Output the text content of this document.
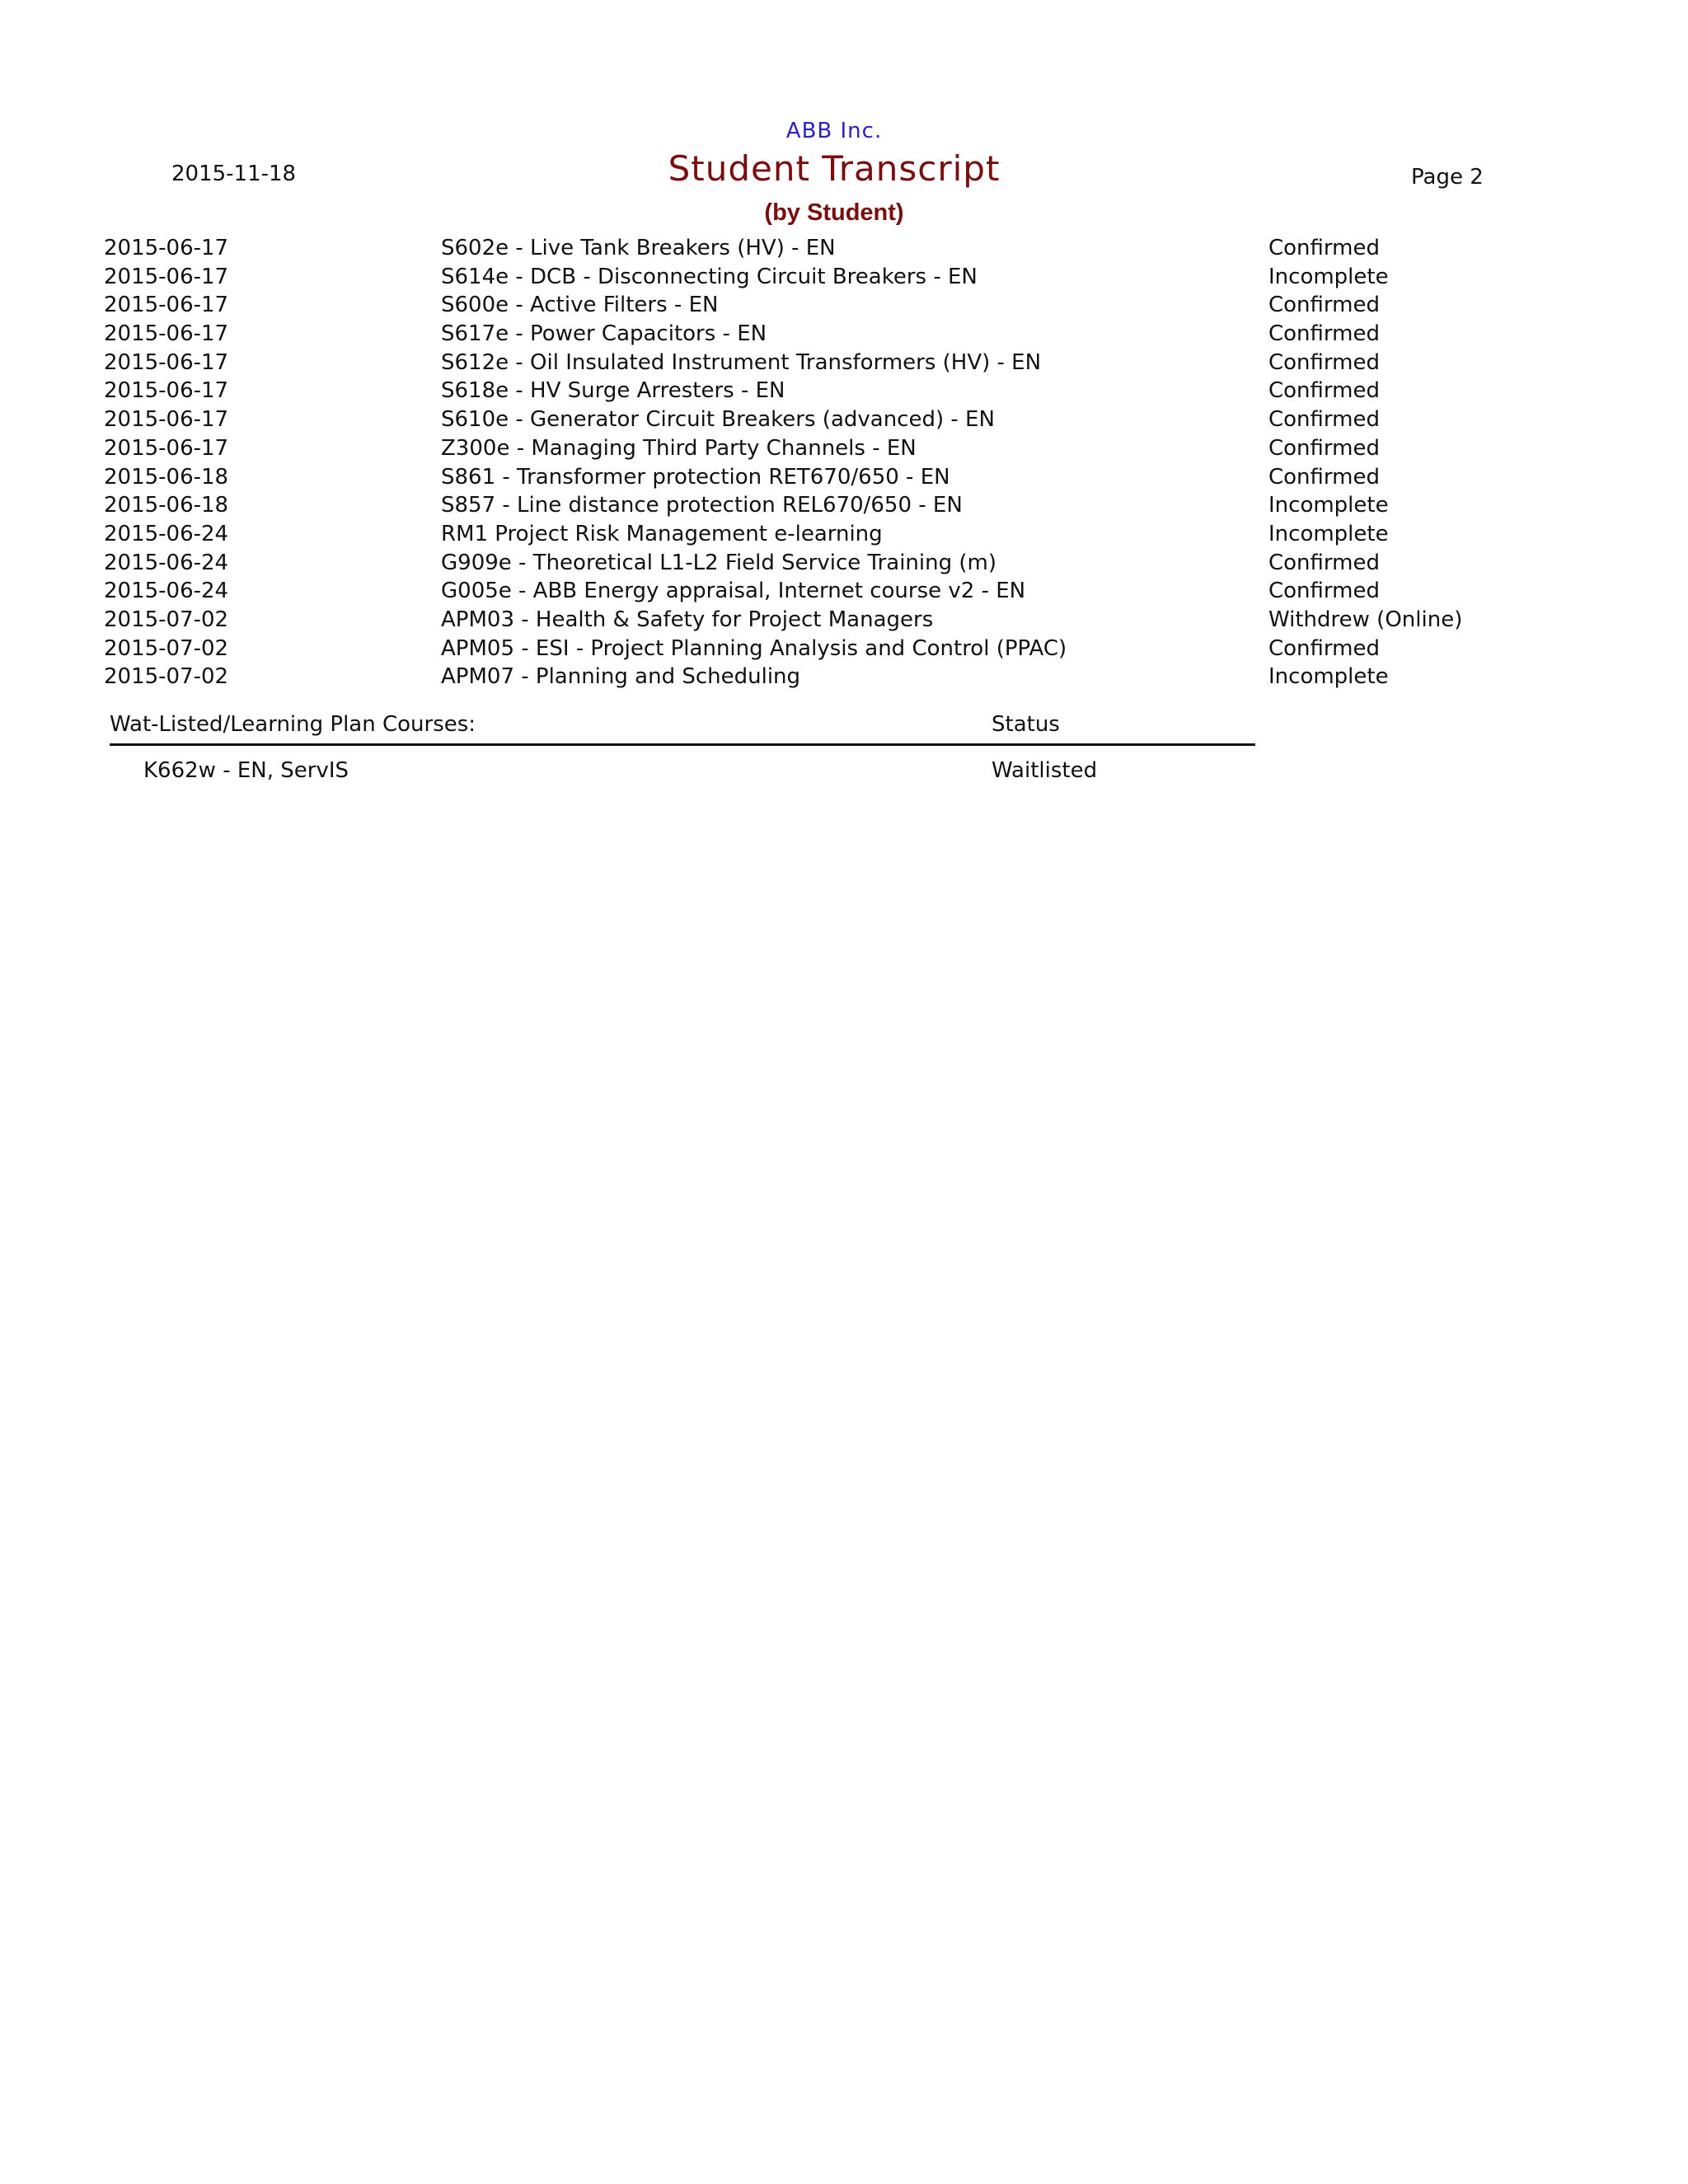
ABB Inc.
2015-11-18	Student Transcript	Page 2
(by Student)
2015-06-17	S602e - Live Tank Breakers (HV) - EN	Confirmed
2015-06-17	S614e - DCB - Disconnecting Circuit Breakers - EN	Incomplete
2015-06-17	S600e - Active Filters - EN	Confirmed
2015-06-17	S617e - Power Capacitors - EN	Confirmed
2015-06-17	S612e - Oil Insulated Instrument Transformers (HV) - EN	Confirmed
2015-06-17	S618e - HV Surge Arresters - EN	Confirmed
2015-06-17	S610e - Generator Circuit Breakers (advanced) - EN	Confirmed
2015-06-17	Z300e - Managing Third Party Channels - EN	Confirmed
2015-06-18	S861 - Transformer protection RET670/650 - EN	Confirmed
2015-06-18	S857 - Line distance protection REL670/650 - EN	Incomplete
2015-06-24	RM1 Project Risk Management e-learning	Incomplete
2015-06-24	G909e - Theoretical L1-L2 Field Service Training (m)	Confirmed
2015-06-24	G005e - ABB Energy appraisal, Internet course v2 - EN	Confirmed
2015-07-02	APM03 - Health & Safety for Project Managers	Withdrew (Online)
2015-07-02	APM05 - ESI - Project Planning Analysis and Control (PPAC)	Confirmed
2015-07-02	APM07 - Planning and Scheduling	Incomplete
Wat-Listed/Learning Plan Courses:	Status
K662w - EN, ServIS	Waitlisted
